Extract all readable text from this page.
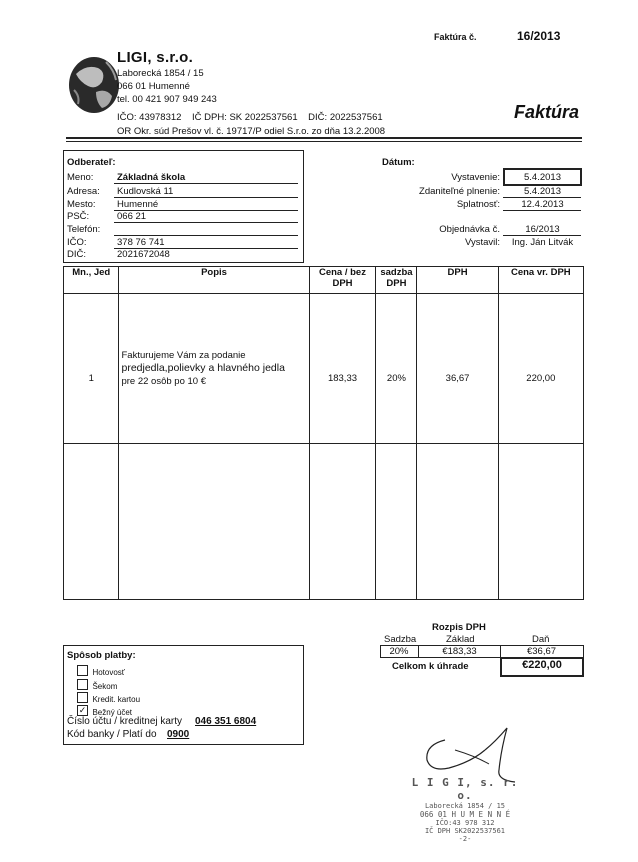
Faktúra č.	16/2013
LIGI, s.r.o.
Laborecká 1854 / 15
066 01 Humenné
tel. 00 421 907 949 243
IČO: 43978312    IČ DPH: SK 2022537561    DIČ: 2022537561
OR Okr. súd Prešov vl. č. 19717/P odiel S.r.o. zo dňa 13.2.2008
Faktúra
Odberateľ:
Meno: Základná škola
Adresa: Kudlovská 11
Mesto: Humenné
PSČ:	066 21
Telefón:
IČO:	378 76 741
DIČ:	2021672048
Dátum:
Vystavenie:	5.4.2013
Zdaniteľné plnenie:	5.4.2013
Splatnosť:	12.4.2013
Objednávka č.	16/2013
Vystavil:	Ing. Ján Litvák
Mn., Jed	Popis	Cena / bez DPH	sadzba DPH	DPH	Cena vr. DPH
1	Fakturujeme Vám za podanie
predjedla,polievky a hlavného jedla
pre 22 osôb po 10 €	183,33	20%	36,67	220,00

Rozpis DPH
Sadzba	Základ	Daň
20%	€183,33	€36,67
Celkom k úhrade	€220,00
Spôsob platby:
Hotovosť
Šekom
Kredit. kartou
✓ Bežný účet
Číslo účtu / kreditnej karty 046 351 6804
Kód banky / Platí do 0900
L I G I, s. r. o.
Laborecká 1854 / 15
066 01 H U M E N N É
IČO:43 978 312
IČ DPH SK2022537561
-2-
